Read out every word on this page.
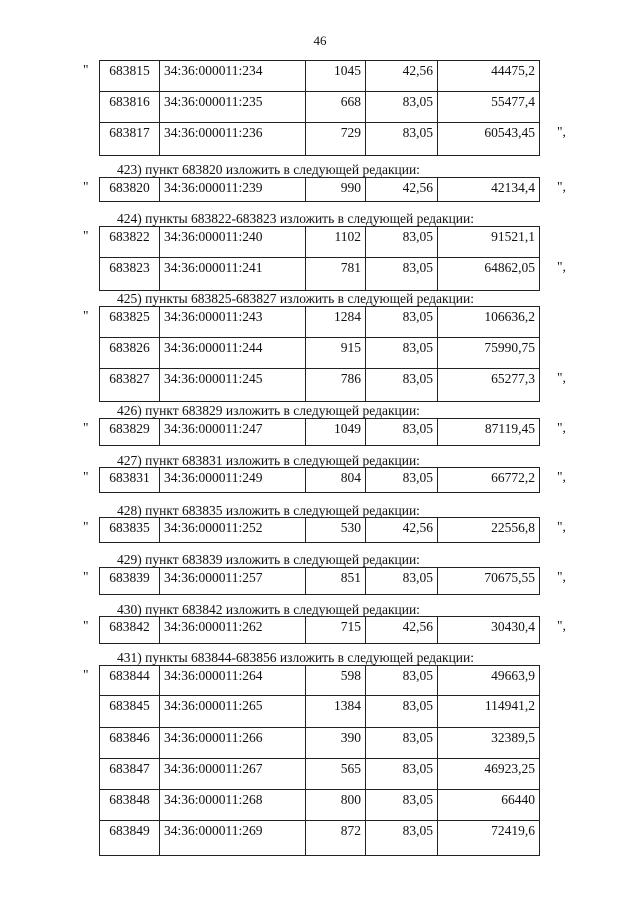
46
" 683815	34:36:000011:234	1045	42,56	44475,2
683816	34:36:000011:235	668	83,05	55477,4
683817	34:36:000011:236	729	83,05	60543,45 ",
423) пункт 683820 изложить в следующей редакции:
" 683820	34:36:000011:239	990	42,56	42134,4 ",
424) пункты 683822-683823 изложить в следующей редакции:
" 683822	34:36:000011:240	1102	83,05	91521,1
683823	34:36:000011:241	781	83,05	64862,05 ",
425) пункты 683825-683827 изложить в следующей редакции:
" 683825	34:36:000011:243	1284	83,05	106636,2
683826	34:36:000011:244	915	83,05	75990,75
683827	34:36:000011:245	786	83,05	65277,3 ",
426) пункт 683829 изложить в следующей редакции:
" 683829	34:36:000011:247	1049	83,05	87119,45 ",
427) пункт 683831 изложить в следующей редакции:
" 683831	34:36:000011:249	804	83,05	66772,2 ",
428) пункт 683835 изложить в следующей редакции:
" 683835	34:36:000011:252	530	42,56	22556,8 ",
429) пункт 683839 изложить в следующей редакции:
" 683839	34:36:000011:257	851	83,05	70675,55 ",
430) пункт 683842 изложить в следующей редакции:
" 683842	34:36:000011:262	715	42,56	30430,4 ",
431) пункты 683844-683856 изложить в следующей редакции:
" 683844	34:36:000011:264	598	83,05	49663,9
683845	34:36:000011:265	1384	83,05	114941,2
683846	34:36:000011:266	390	83,05	32389,5
683847	34:36:000011:267	565	83,05	46923,25
683848	34:36:000011:268	800	83,05	66440
683849	34:36:000011:269	872	83,05	72419,6
